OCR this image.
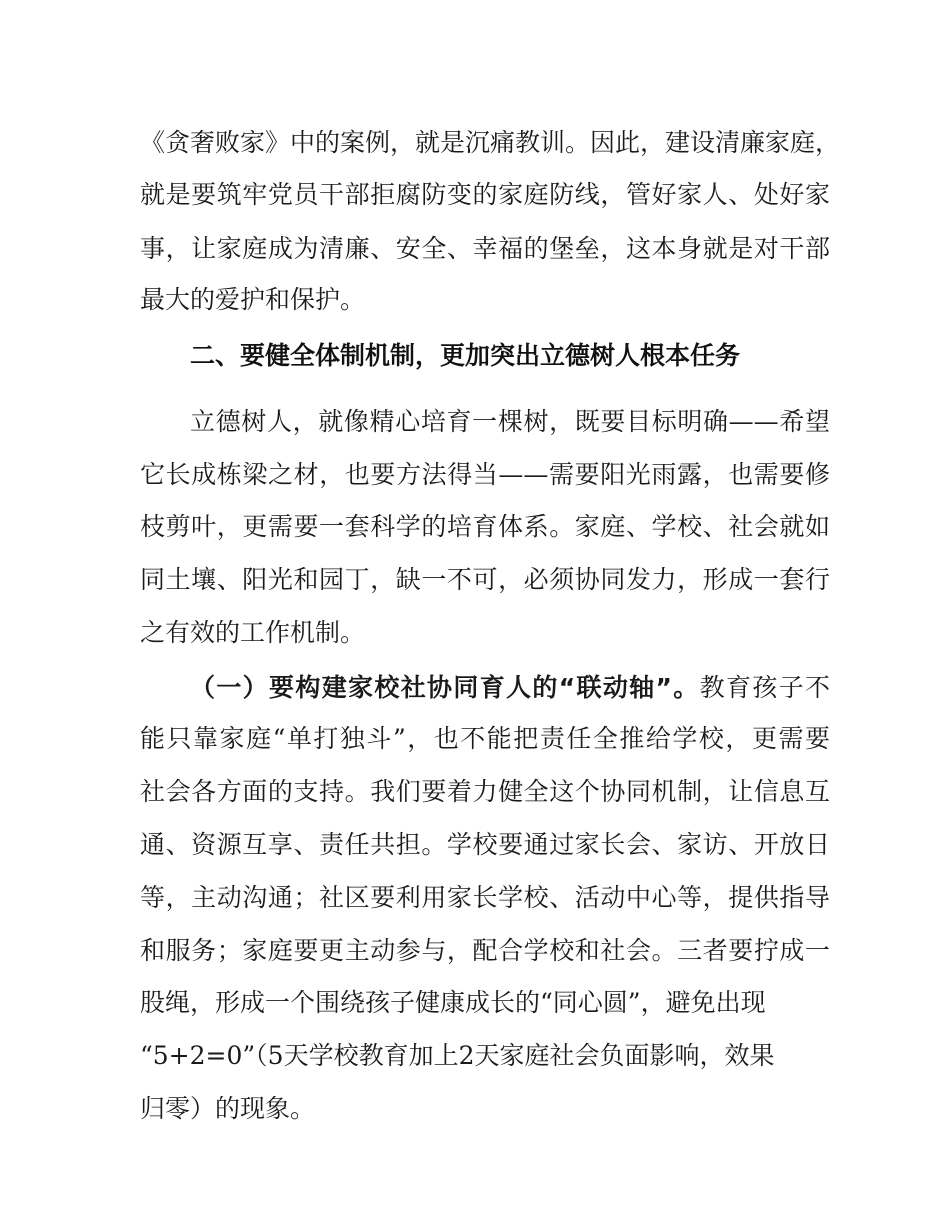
《贪奢败家》中的案例，就是沉痛教训。因此，建设清廉家庭，
就是要筑牢党员干部拒腐防变的家庭防线，管好家人、处好家
事，让家庭成为清廉、安全、幸福的堡垒，这本身就是对干部
最大的爱护和保护。
二、要健全体制机制，更加突出立德树人根本任务
立德树人，就像精心培育一棵树，既要目标明确——希望
它长成栋梁之材，也要方法得当——需要阳光雨露，也需要修
枝剪叶，更需要一套科学的培育体系。家庭、学校、社会就如
同土壤、阳光和园丁，缺一不可，必须协同发力，形成一套行
之有效的工作机制。
（一）要构建家校社协同育人的“联动轴”。教育孩子不
能只靠家庭“单打独斗”，也不能把责任全推给学校，更需要
社会各方面的支持。我们要着力健全这个协同机制，让信息互
通、资源互享、责任共担。学校要通过家长会、家访、开放日
等，主动沟通；社区要利用家长学校、活动中心等，提供指导
和服务；家庭要更主动参与，配合学校和社会。三者要拧成一
股绳，形成一个围绕孩子健康成长的“同心圆”，避免出现
“5+2=0”（5天学校教育加上2天家庭社会负面影响，效果
归零）的现象。
